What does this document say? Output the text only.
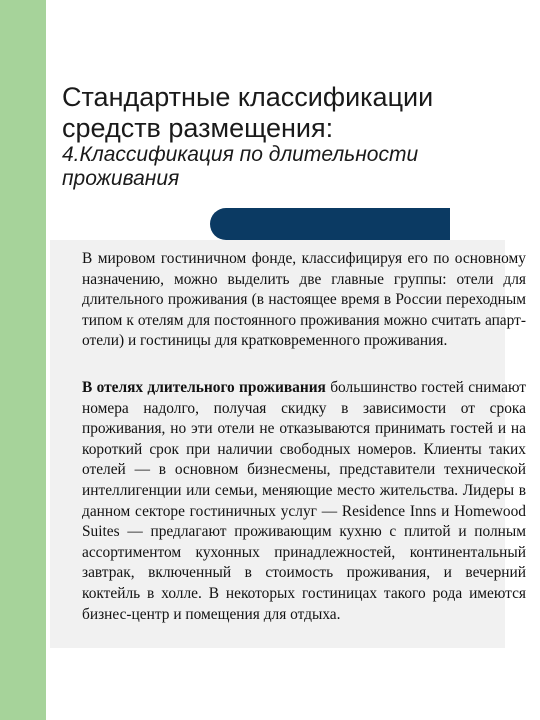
Стандартные классификации средств размещения:
4.Классификация по длительности проживания
В мировом гостиничном фонде, классифицируя его по основному назначению, можно выделить две главные группы: отели для длительного проживания (в настоящее время в России переходным типом к отелям для постоянного проживания можно считать апарт-отели) и гостиницы для кратковременного проживания.
В отелях длительного проживания большинство гостей снимают номера надолго, получая скидку в зависимости от срока проживания, но эти отели не отказываются принимать гостей и на короткий срок при наличии свободных номеров. Клиенты таких отелей — в основном бизнесмены, представители технической интеллигенции или семьи, меняющие место жительства. Лидеры в данном секторе гостиничных услуг — Residence Inns и Homewood Suites — предлагают проживающим кухню с плитой и полным ассортиментом кухонных принадлежностей, континентальный завтрак, включенный в стоимость проживания, и вечерний коктейль в холле. В некоторых гостиницах такого рода имеются бизнес-центр и помещения для отдыха.
